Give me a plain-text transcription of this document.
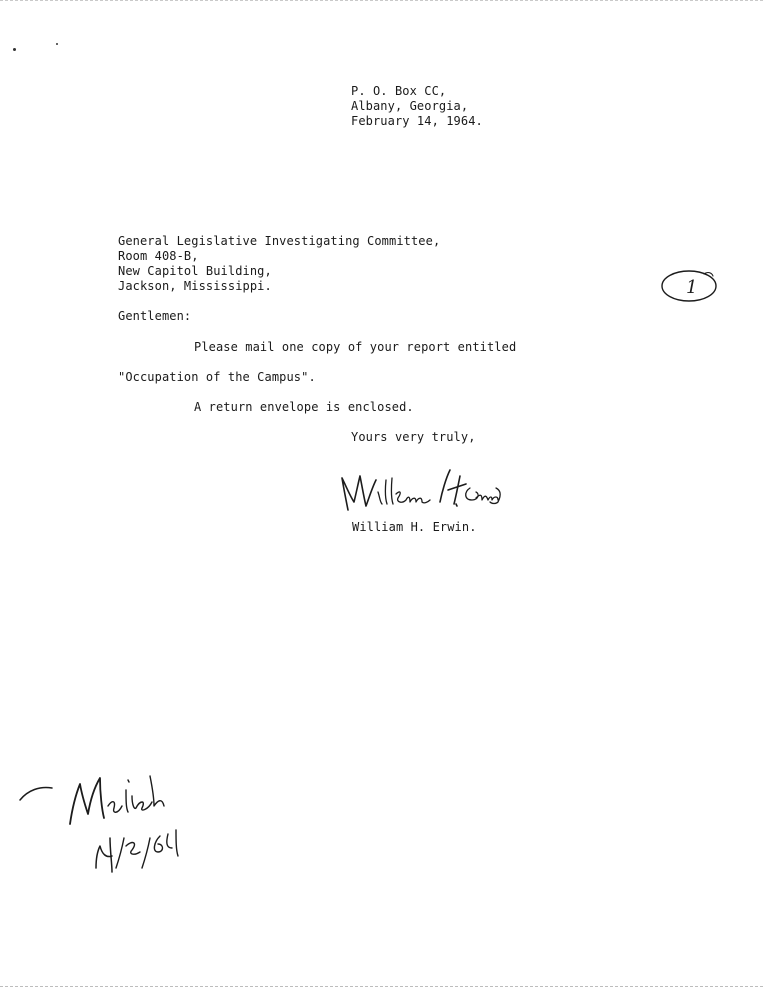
P. O. Box CC,
Albany, Georgia,
February 14, 1964.
General Legislative Investigating Committee,
Room 408-B,
New Capitol Building,
Jackson, Mississippi.	1
Gentlemen:
Please mail one copy of your report entitled
"Occupation of the Campus".
A return envelope is enclosed.
Yours very truly,
William H. Erwin.
